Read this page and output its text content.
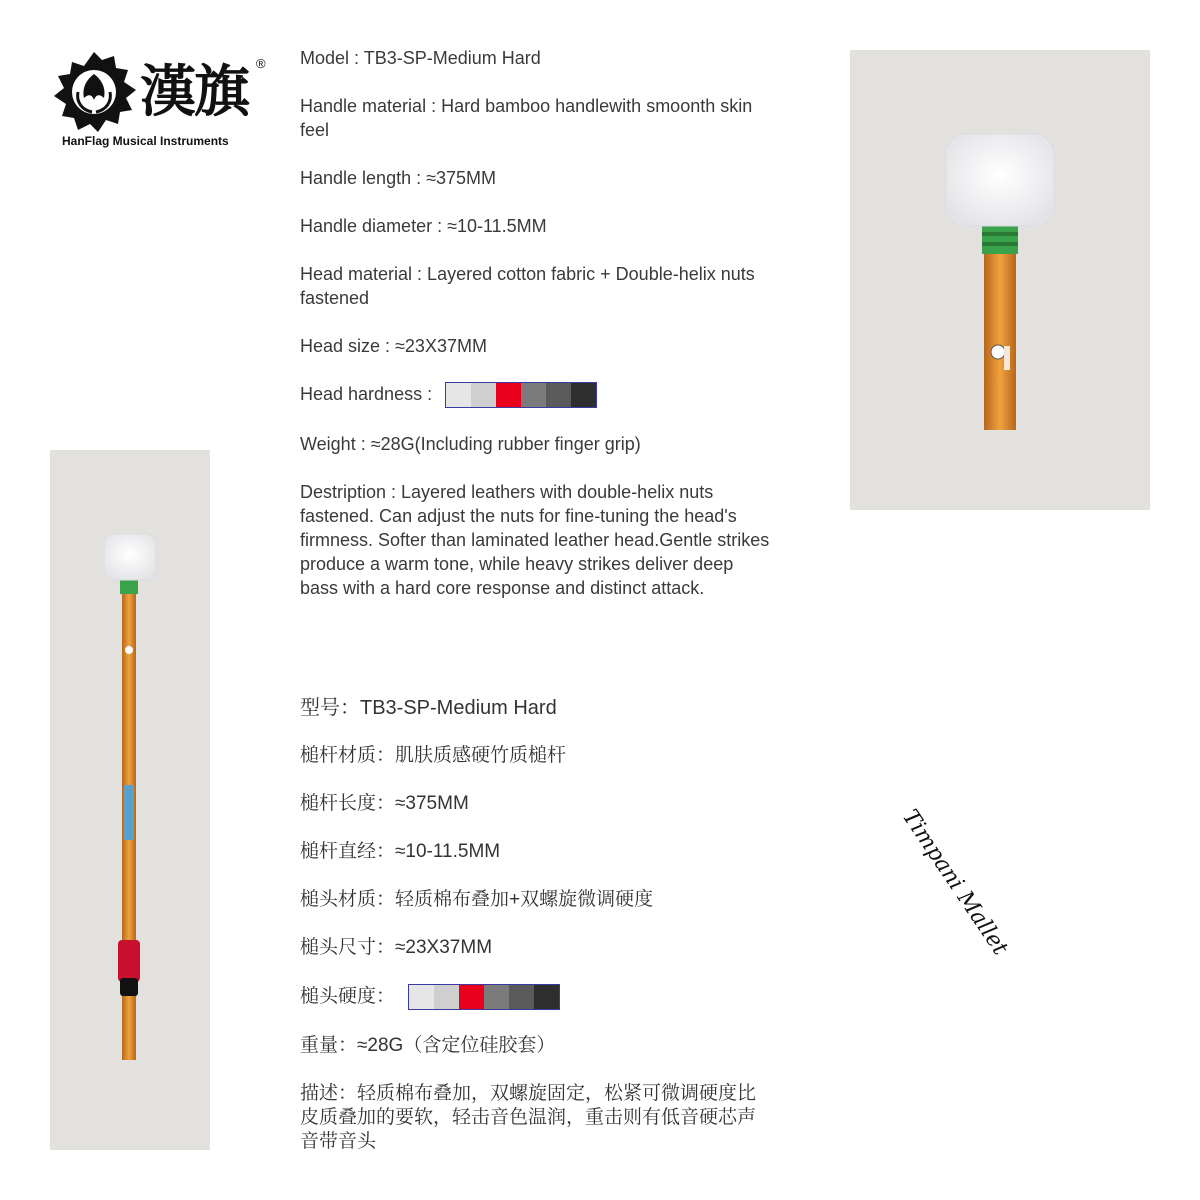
漢旗 ®
HanFlag Musical Instruments
Model : TB3-SP-Medium Hard
Handle material : Hard bamboo handlewith smoonth skin feel
Handle length : ≈375MM
Handle diameter : ≈10-11.5MM
Head material : Layered cotton fabric + Double-helix nuts fastened
Head size : ≈23X37MM
Head hardness :
Weight : ≈28G(Including rubber finger grip)
Destription : Layered leathers with double-helix nuts fastened. Can adjust the nuts for fine-tuning the head's firmness. Softer than laminated leather head.Gentle strikes produce a warm tone, while heavy strikes deliver deep bass with a hard core response and distinct attack.
型号：TB3-SP-Medium Hard
槌杆材质：肌肤质感硬竹质槌杆
槌杆长度：≈375MM
槌杆直经：≈10-11.5MM
槌头材质：轻质棉布叠加+双螺旋微调硬度
槌头尺寸：≈23X37MM
槌头硬度：
重量：≈28G（含定位硅胶套）
描述：轻质棉布叠加，双螺旋固定，松紧可微调硬度比皮质叠加的要软，轻击音色温润，重击则有低音硬芯声音带音头
Timpani Mallet
